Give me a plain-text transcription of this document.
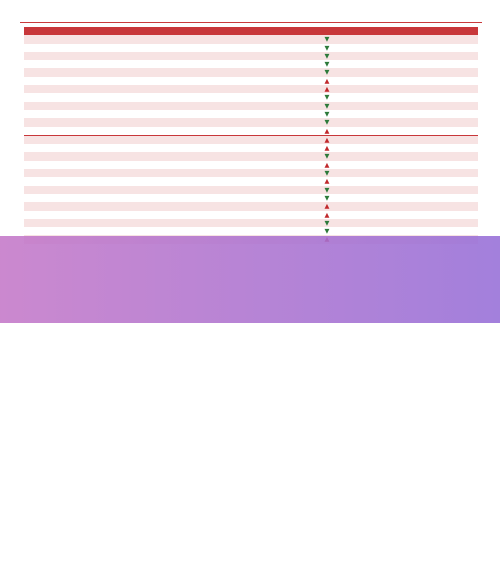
				▼		
				▼		
				▼		
				▼		
				▼		
				▲		
				▲		
				▼		
				▼		
				▼		
				▼		
				▲		
				▲		
				▲		
				▼		
				▲		
				▼		
				▲		
				▼		
				▼		
				▲		
				▲		
				▼		
				▼		
